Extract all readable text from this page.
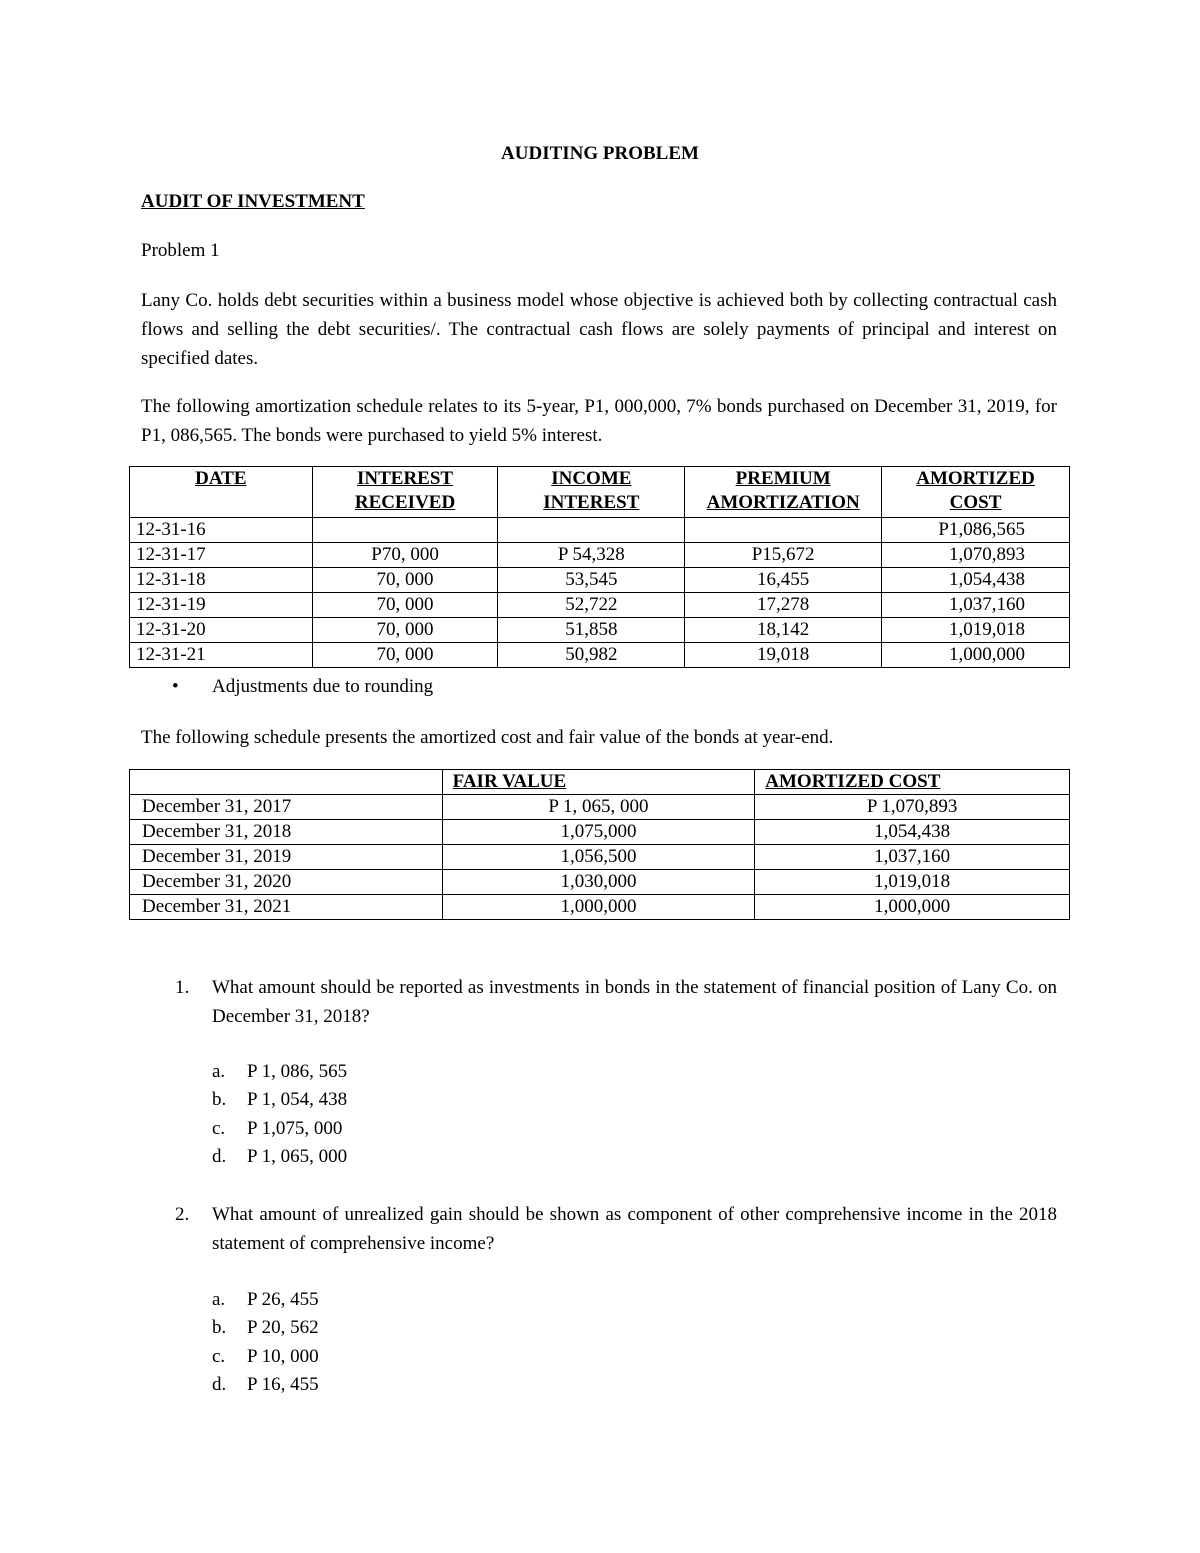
AUDITING PROBLEM
AUDIT OF INVESTMENT
Problem 1
Lany Co. holds debt securities within a business model whose objective is achieved both by collecting contractual cash flows and selling the debt securities/. The contractual cash flows are solely payments of principal and interest on specified dates.
The following amortization schedule relates to its 5-year, P1, 000,000, 7% bonds purchased on December 31, 2019, for P1, 086,565. The bonds were purchased to yield 5% interest.
DATE	INTEREST RECEIVED	INCOME INTEREST	PREMIUM AMORTIZATION	AMORTIZED COST
12-31-16				P1,086,565
12-31-17	P70, 000	P 54,328	P15,672	1,070,893
12-31-18	70, 000	53,545	16,455	1,054,438
12-31-19	70, 000	52,722	17,278	1,037,160
12-31-20	70, 000	51,858	18,142	1,019,018
12-31-21	70, 000	50,982	19,018	1,000,000
• Adjustments due to rounding
The following schedule presents the amortized cost and fair value of the bonds at year-end.
	FAIR VALUE	AMORTIZED COST
December 31, 2017	P 1, 065, 000	P 1,070,893
December 31, 2018	1,075,000	1,054,438
December 31, 2019	1,056,500	1,037,160
December 31, 2020	1,030,000	1,019,018
December 31, 2021	1,000,000	1,000,000
1. What amount should be reported as investments in bonds in the statement of financial position of Lany Co. on December 31, 2018?
a. P 1, 086, 565
b. P 1, 054, 438
c. P 1,075, 000
d. P 1, 065, 000
2. What amount of unrealized gain should be shown as component of other comprehensive income in the 2018 statement of comprehensive income?
a. P 26, 455
b. P 20, 562
c. P 10, 000
d. P 16, 455
